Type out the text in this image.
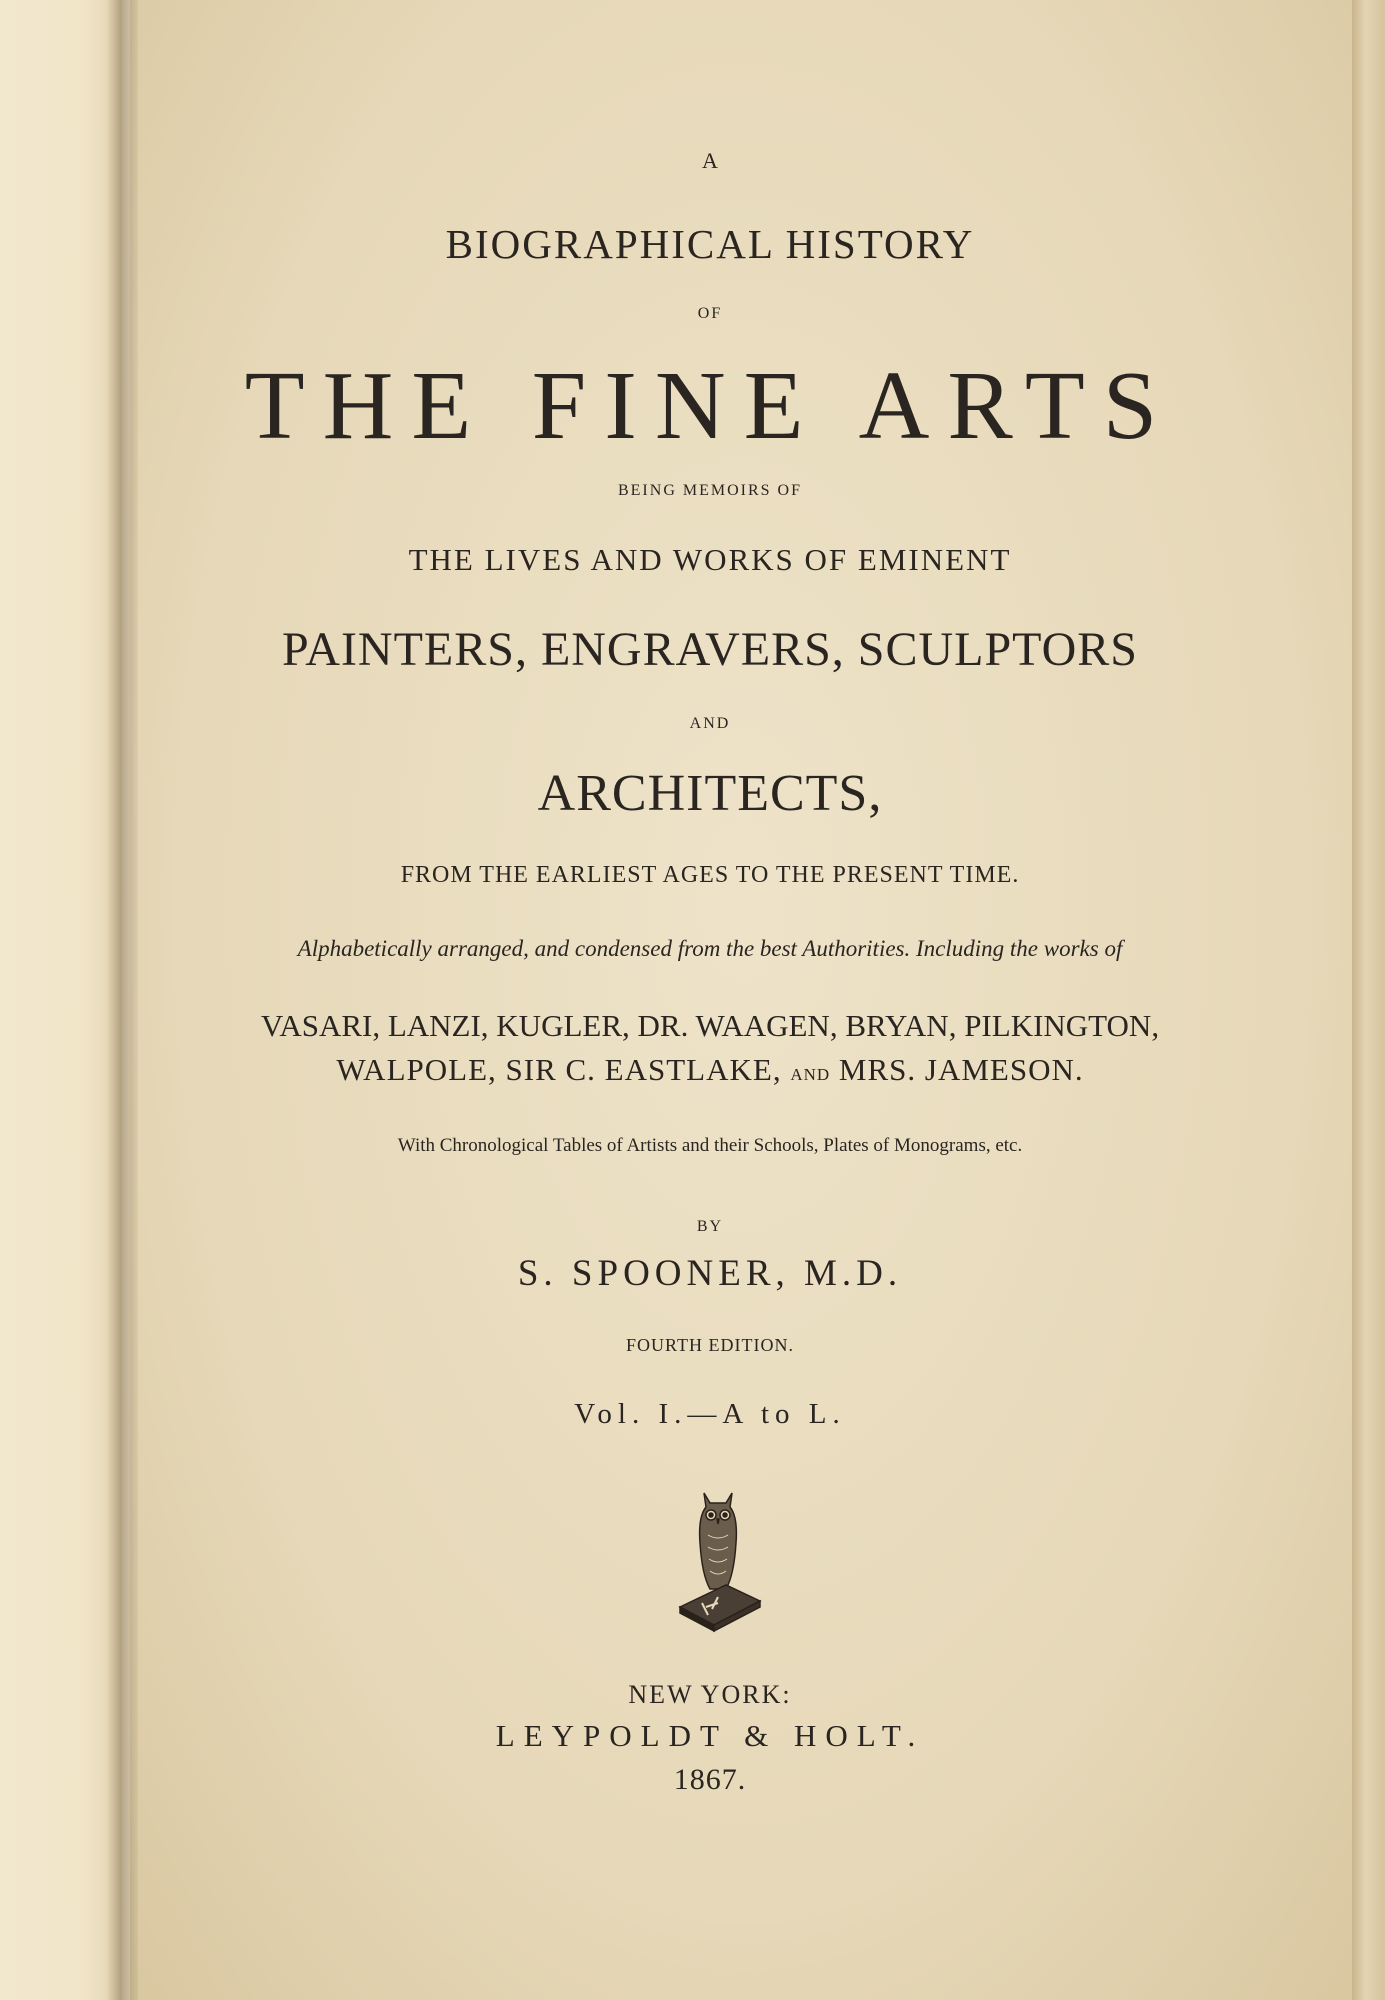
A

BIOGRAPHICAL HISTORY

OF

THE FINE ARTS

BEING MEMOIRS OF

THE LIVES AND WORKS OF EMINENT

PAINTERS, ENGRAVERS, SCULPTORS

AND

ARCHITECTS,

FROM THE EARLIEST AGES TO THE PRESENT TIME.

Alphabetically arranged, and condensed from the best Authorities. Including the works of

VASARI, LANZI, KUGLER, DR. WAAGEN, BRYAN, PILKINGTON,

WALPOLE, SIR C. EASTLAKE, AND MRS. JAMESON.

With Chronological Tables of Artists and their Schools, Plates of Monograms, etc.

BY

S. SPOONER, M.D.

FOURTH EDITION.

Vol. I.—A to L.

NEW YORK:

LEYPOLDT & HOLT.

1867.
